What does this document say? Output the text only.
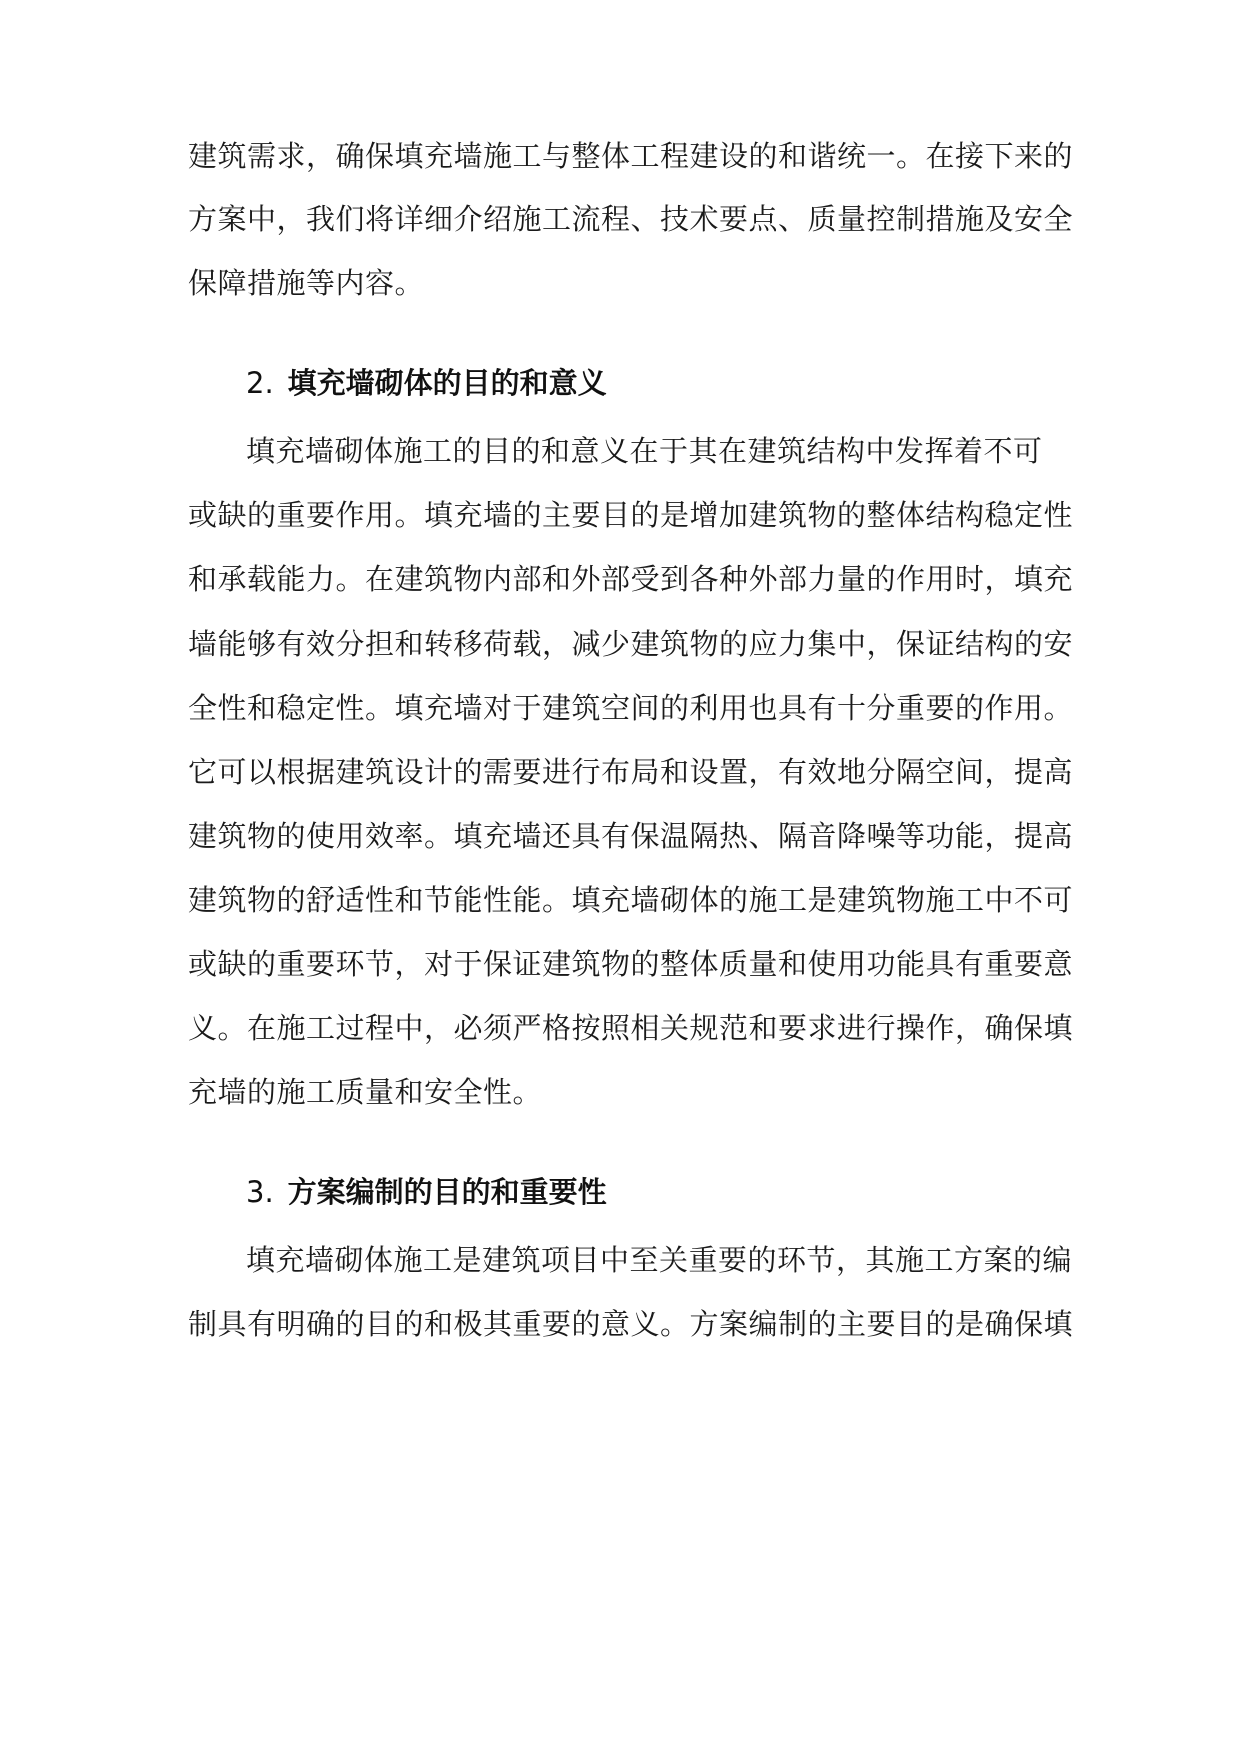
建筑需求，确保填充墙施工与整体工程建设的和谐统一。在接下来的
方案中，我们将详细介绍施工流程、技术要点、质量控制措施及安全
保障措施等内容。
2. 填充墙砌体的目的和意义
填充墙砌体施工的目的和意义在于其在建筑结构中发挥着不可
或缺的重要作用。填充墙的主要目的是增加建筑物的整体结构稳定性
和承载能力。在建筑物内部和外部受到各种外部力量的作用时，填充
墙能够有效分担和转移荷载，减少建筑物的应力集中，保证结构的安
全性和稳定性。填充墙对于建筑空间的利用也具有十分重要的作用。
它可以根据建筑设计的需要进行布局和设置，有效地分隔空间，提高
建筑物的使用效率。填充墙还具有保温隔热、隔音降噪等功能，提高
建筑物的舒适性和节能性能。填充墙砌体的施工是建筑物施工中不可
或缺的重要环节，对于保证建筑物的整体质量和使用功能具有重要意
义。在施工过程中，必须严格按照相关规范和要求进行操作，确保填
充墙的施工质量和安全性。
3. 方案编制的目的和重要性
填充墙砌体施工是建筑项目中至关重要的环节，其施工方案的编
制具有明确的目的和极其重要的意义。方案编制的主要目的是确保填
